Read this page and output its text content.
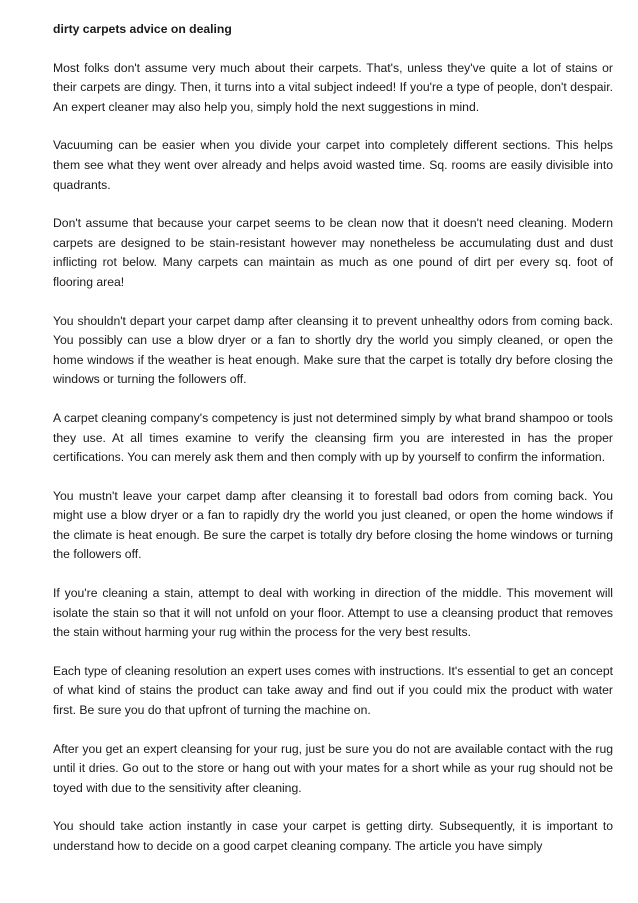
dirty carpets advice on dealing

Most folks don't assume very much about their carpets. That's, unless they've quite a lot of stains or their carpets are dingy. Then, it turns into a vital subject indeed! If you're a type of people, don't despair. An expert cleaner may also help you, simply hold the next suggestions in mind.

Vacuuming can be easier when you divide your carpet into completely different sections. This helps them see what they went over already and helps avoid wasted time. Sq. rooms are easily divisible into quadrants.

Don't assume that because your carpet seems to be clean now that it doesn't need cleaning. Modern carpets are designed to be stain-resistant however may nonetheless be accumulating dust and dust inflicting rot below. Many carpets can maintain as much as one pound of dirt per every sq. foot of flooring area!

You shouldn't depart your carpet damp after cleansing it to prevent unhealthy odors from coming back. You possibly can use a blow dryer or a fan to shortly dry the world you simply cleaned, or open the home windows if the weather is heat enough. Make sure that the carpet is totally dry before closing the windows or turning the followers off.

A carpet cleaning company's competency is just not determined simply by what brand shampoo or tools they use. At all times examine to verify the cleansing firm you are interested in has the proper certifications. You can merely ask them and then comply with up by yourself to confirm the information.

You mustn't leave your carpet damp after cleansing it to forestall bad odors from coming back. You might use a blow dryer or a fan to rapidly dry the world you just cleaned, or open the home windows if the climate is heat enough. Be sure the carpet is totally dry before closing the home windows or turning the followers off.

If you're cleaning a stain, attempt to deal with working in direction of the middle. This movement will isolate the stain so that it will not unfold on your floor. Attempt to use a cleansing product that removes the stain without harming your rug within the process for the very best results.

Each type of cleaning resolution an expert uses comes with instructions. It's essential to get an concept of what kind of stains the product can take away and find out if you could mix the product with water first. Be sure you do that upfront of turning the machine on.

After you get an expert cleansing for your rug, just be sure you do not are available contact with the rug until it dries. Go out to the store or hang out with your mates for a short while as your rug should not be toyed with due to the sensitivity after cleaning.

You should take action instantly in case your carpet is getting dirty. Subsequently, it is important to understand how to decide on a good carpet cleaning company. The article you have simply
